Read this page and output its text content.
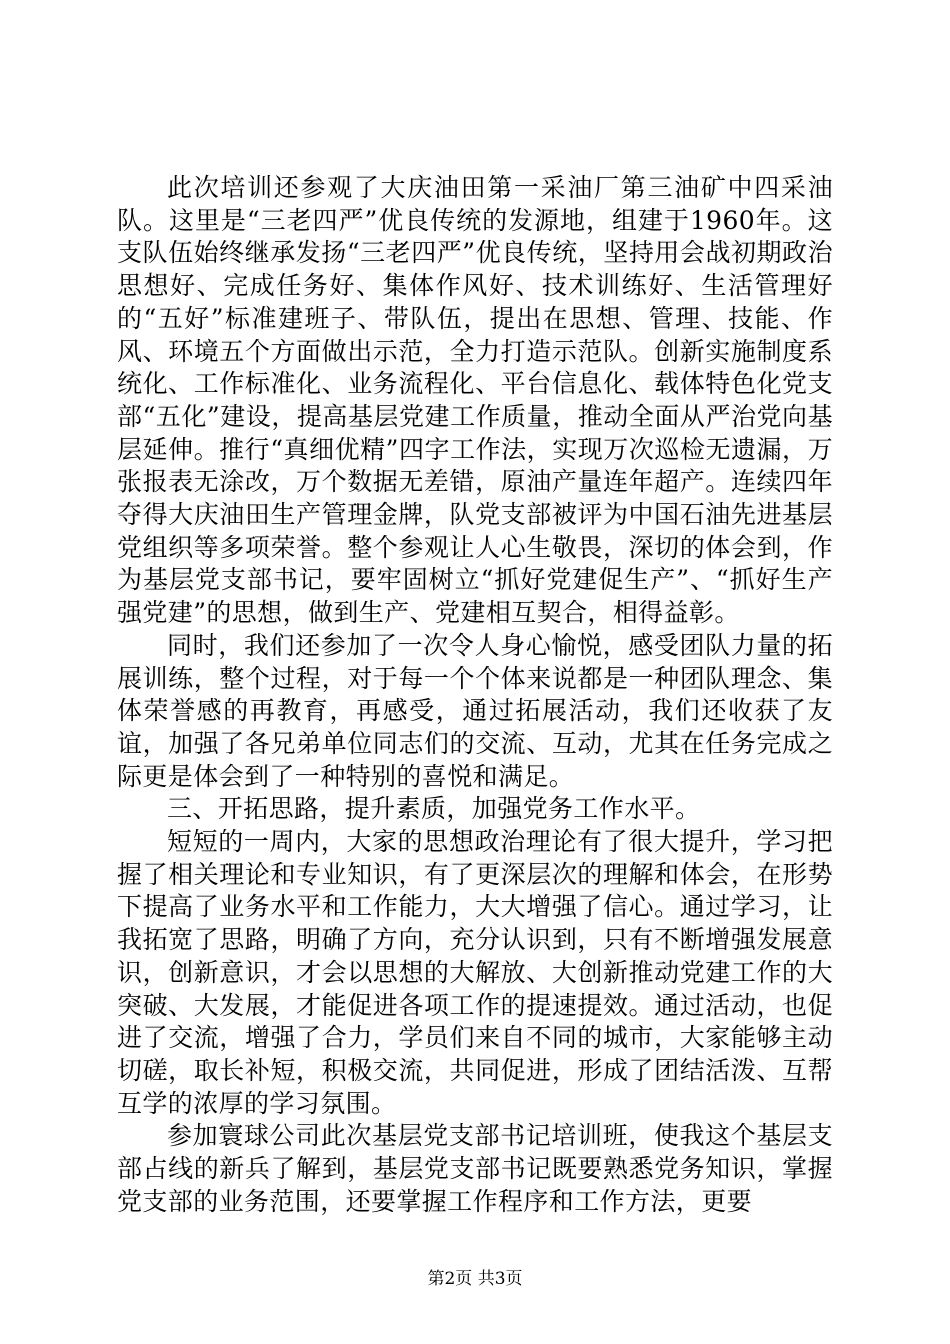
此次培训还参观了大庆油田第一采油厂第三油矿中四采油队。这里是“三老四严”优良传统的发源地，组建于1960年。这支队伍始终继承发扬“三老四严”优良传统，坚持用会战初期政治思想好、完成任务好、集体作风好、技术训练好、生活管理好的“五好”标准建班子、带队伍，提出在思想、管理、技能、作风、环境五个方面做出示范，全力打造示范队。创新实施制度系统化、工作标准化、业务流程化、平台信息化、载体特色化党支部“五化”建设，提高基层党建工作质量，推动全面从严治党向基层延伸。推行“真细优精”四字工作法，实现万次巡检无遗漏，万张报表无涂改，万个数据无差错，原油产量连年超产。连续四年夺得大庆油田生产管理金牌，队党支部被评为中国石油先进基层党组织等多项荣誉。整个参观让人心生敬畏，深切的体会到，作为基层党支部书记，要牢固树立“抓好党建促生产”、“抓好生产强党建”的思想，做到生产、党建相互契合，相得益彰。

同时，我们还参加了一次令人身心愉悦，感受团队力量的拓展训练，整个过程，对于每一个个体来说都是一种团队理念、集体荣誉感的再教育，再感受，通过拓展活动，我们还收获了友谊，加强了各兄弟单位同志们的交流、互动，尤其在任务完成之际更是体会到了一种特别的喜悦和满足。

三、开拓思路，提升素质，加强党务工作水平。

短短的一周内，大家的思想政治理论有了很大提升，学习把握了相关理论和专业知识，有了更深层次的理解和体会，在形势下提高了业务水平和工作能力，大大增强了信心。通过学习，让我拓宽了思路，明确了方向，充分认识到，只有不断增强发展意识，创新意识，才会以思想的大解放、大创新推动党建工作的大突破、大发展，才能促进各项工作的提速提效。通过活动，也促进了交流，增强了合力，学员们来自不同的城市，大家能够主动切磋，取长补短，积极交流，共同促进，形成了团结活泼、互帮互学的浓厚的学习氛围。

参加寰球公司此次基层党支部书记培训班，使我这个基层支部占线的新兵了解到，基层党支部书记既要熟悉党务知识，掌握党支部的业务范围，还要掌握工作程序和工作方法，更要

第2页 共3页
